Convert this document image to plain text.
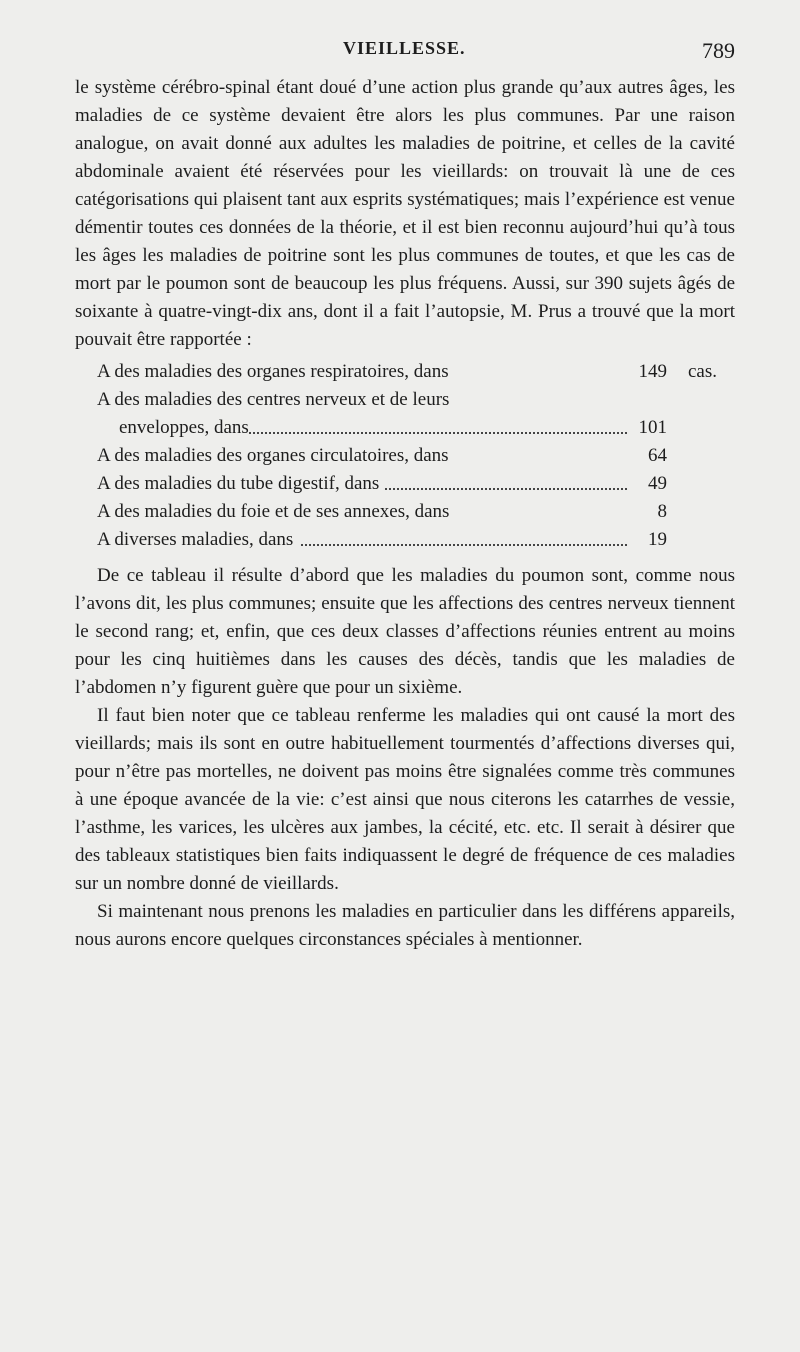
VIEILLESSE.	789

le système cérébro-spinal étant doué d’une action plus grande qu’aux autres âges, les maladies de ce système devaient être alors les plus communes. Par une raison analogue, on avait donné aux adultes les maladies de poitrine, et celles de la cavité abdominale avaient été réservées pour les vieillards: on trouvait là une de ces catégorisations qui plaisent tant aux esprits systématiques; mais l’expérience est venue démentir toutes ces données de la théorie, et il est bien reconnu aujourd’hui qu’à tous les âges les maladies de poitrine sont les plus communes de toutes, et que les cas de mort par le poumon sont de beaucoup les plus fréquens. Aussi, sur 390 sujets âgés de soixante à quatre-vingt-dix ans, dont il a fait l’autopsie, M. Prus a trouvé que la mort pouvait être rapportée :

A des maladies des organes respiratoires, dans	149 cas.
A des maladies des centres nerveux et de leurs
enveloppes, dans	101
A des maladies des organes circulatoires, dans	64
A des maladies du tube digestif, dans	49
A des maladies du foie et de ses annexes, dans	8
A diverses maladies, dans	19

De ce tableau il résulte d’abord que les maladies du poumon sont, comme nous l’avons dit, les plus communes; ensuite que les affections des centres nerveux tiennent le second rang; et, enfin, que ces deux classes d’affections réunies entrent au moins pour les cinq huitièmes dans les causes des décès, tandis que les maladies de l’abdomen n’y figurent guère que pour un sixième.

Il faut bien noter que ce tableau renferme les maladies qui ont causé la mort des vieillards; mais ils sont en outre habituellement tourmentés d’affections diverses qui, pour n’être pas mortelles, ne doivent pas moins être signalées comme très communes à une époque avancée de la vie: c’est ainsi que nous citerons les catarrhes de vessie, l’asthme, les varices, les ulcères aux jambes, la cécité, etc. etc. Il serait à désirer que des tableaux statistiques bien faits indiquassent le degré de fréquence de ces maladies sur un nombre donné de vieillards.

Si maintenant nous prenons les maladies en particulier dans les différens appareils, nous aurons encore quelques circonstances spéciales à mentionner.
